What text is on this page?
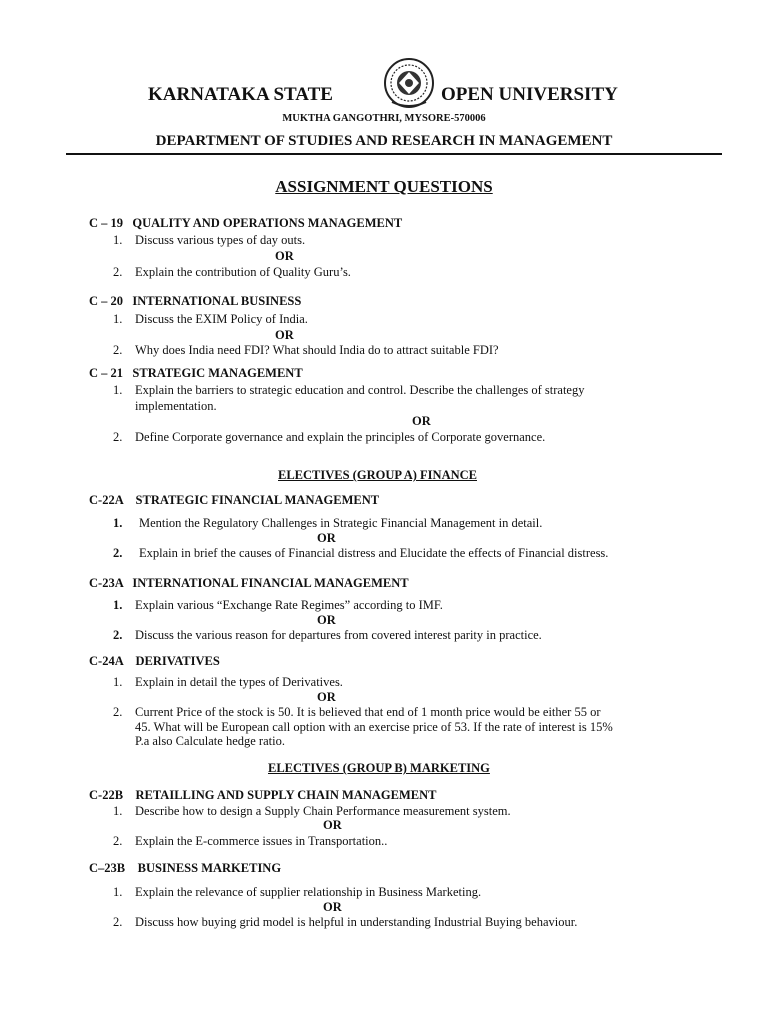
KARNATAKA STATE	OPEN UNIVERSITY
MUKTHA GANGOTHRI, MYSORE-570006
DEPARTMENT OF STUDIES AND RESEARCH IN MANAGEMENT
ASSIGNMENT QUESTIONS
C – 19   QUALITY AND OPERATIONS MANAGEMENT
1. Discuss various types of day outs.
OR
2. Explain the contribution of Quality Guru’s.
C – 20   INTERNATIONAL BUSINESS
1. Discuss the EXIM Policy of India.
OR
2. Why does India need FDI? What should India do to attract suitable FDI?
C – 21   STRATEGIC MANAGEMENT
1. Explain the barriers to strategic education and control. Describe the challenges of strategy
implementation.
OR
2. Define Corporate governance and explain the principles of Corporate governance.
ELECTIVES (GROUP A) FINANCE
C-22A    STRATEGIC FINANCIAL MANAGEMENT
1. Mention the Regulatory Challenges in Strategic Financial Management in detail.
OR
2. Explain in brief the causes of Financial distress and Elucidate the effects of Financial distress.
C-23A   INTERNATIONAL FINANCIAL MANAGEMENT
1. Explain various “Exchange Rate Regimes” according to IMF.
OR
2. Discuss the various reason for departures from covered interest parity in practice.
C-24A    DERIVATIVES
1. Explain in detail the types of Derivatives.
OR
2. Current Price of the stock is 50. It is believed that end of 1 month price would be either 55 or
45. What will be European call option with an exercise price of 53. If the rate of interest is 15%
P.a also Calculate hedge ratio.
ELECTIVES (GROUP B) MARKETING
C-22B    RETAILLING AND SUPPLY CHAIN MANAGEMENT
1. Describe how to design a Supply Chain Performance measurement system.
OR
2. Explain the E-commerce issues in Transportation..
C–23B    BUSINESS MARKETING
1. Explain the relevance of supplier relationship in Business Marketing.
OR
2. Discuss how buying grid model is helpful in understanding Industrial Buying behaviour.
